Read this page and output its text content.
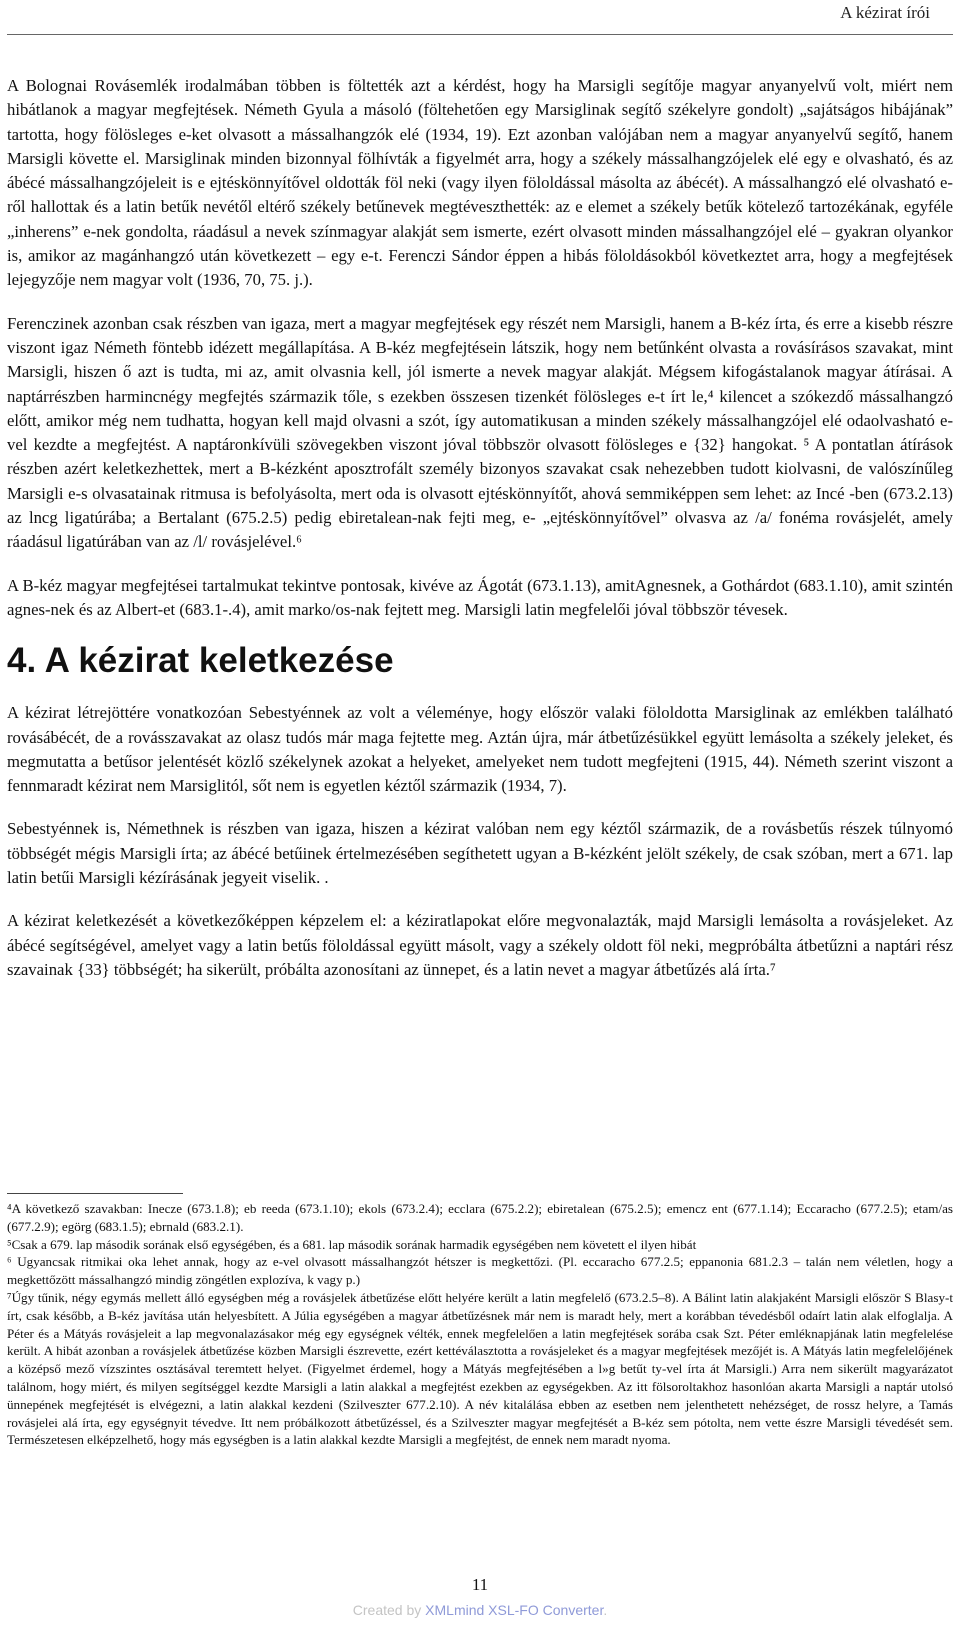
A kézirat írói

A Bolognai Rovásemlék irodalmában többen is föltették azt a kérdést, hogy ha Marsigli segítője magyar anyanyelvű volt, miért nem hibátlanok a magyar megfejtések. Németh Gyula a másoló (föltehetően egy Marsiglinak segítő székelyre gondolt) „sajátságos hibájának” tartotta, hogy fölösleges e-ket olvasott a mássalhangzók elé (1934, 19). Ezt azonban valójában nem a magyar anyanyelvű segítő, hanem Marsigli követte el. Marsiglinak minden bizonnyal fölhívták a figyelmét arra, hogy a székely mássalhangzójelek elé egy e olvasható, és az ábécé mássalhangzójeleit is e ejtéskönnyítővel oldották föl neki (vagy ilyen föloldással másolta az ábécét). A mássalhangzó elé olvasható e-ről hallottak és a latin betűk nevétől eltérő székely betűnevek megtéveszthették: az e elemet a székely betűk kötelező tartozékának, egyféle „inherens” e-nek gondolta, ráadásul a nevek színmagyar alakját sem ismerte, ezért olvasott minden mássalhangzójel elé – gyakran olyankor is, amikor az magánhangzó után következett – egy e-t. Ferenczi Sándor éppen a hibás föloldásokból következtet arra, hogy a megfejtések lejegyzője nem magyar volt (1936, 70, 75. j.).

Ferenczinek azonban csak részben van igaza, mert a magyar megfejtések egy részét nem Marsigli, hanem a B-kéz írta, és erre a kisebb részre viszont igaz Németh föntebb idézett megállapítása. A B-kéz megfejtésein látszik, hogy nem betűnként olvasta a rovásírásos szavakat, mint Marsigli, hiszen ő azt is tudta, mi az, amit olvasnia kell, jól ismerte a nevek magyar alakját. Mégsem kifogástalanok magyar átírásai. A naptárrészben harmincnégy megfejtés származik tőle, s ezekben összesen tizenkét fölösleges e-t írt le,⁴ kilencet a szókezdő mássalhangzó előtt, amikor még nem tudhatta, hogyan kell majd olvasni a szót, így automatikusan a minden székely mássalhangzójel elé odaolvasható e-vel kezdte a megfejtést. A naptáronkívüli szövegekben viszont jóval többször olvasott fölösleges e {32} hangokat. ⁵ A pontatlan átírások részben azért keletkezhettek, mert a B-kézként aposztrofált személy bizonyos szavakat csak nehezebben tudott kiolvasni, de valószínűleg Marsigli e-s olvasatainak ritmusa is befolyásolta, mert oda is olvasott ejtéskönnyítőt, ahová semmiképpen sem lehet: az Incé -ben (673.2.13) az lncg ligatúrába; a Bertalant (675.2.5) pedig ebiretalean-nak fejti meg, e- „ejtéskönnyítővel” olvasva az /a/ fonéma rovásjelét, amely ráadásul ligatúrában van az /l/ rovásjelével.⁶

A B-kéz magyar megfejtései tartalmukat tekintve pontosak, kivéve az Ágotát (673.1.13), amitAgnesnek, a Gothárdot (683.1.10), amit szintén agnes-nek és az Albert-et (683.1-.4), amit marko/os-nak fejtett meg. Marsigli latin megfelelői jóval többször tévesek.

4. A kézirat keletkezése

A kézirat létrejöttére vonatkozóan Sebestyénnek az volt a véleménye, hogy először valaki föloldotta Marsiglinak az emlékben található rovásábécét, de a rovásszavakat az olasz tudós már maga fejtette meg. Aztán újra, már átbetűzésükkel együtt lemásolta a székely jeleket, és megmutatta a betűsor jelentését közlő székelynek azokat a helyeket, amelyeket nem tudott megfejteni (1915, 44). Németh szerint viszont a fennmaradt kézirat nem Marsiglitól, sőt nem is egyetlen kéztől származik (1934, 7).

Sebestyénnek is, Némethnek is részben van igaza, hiszen a kézirat valóban nem egy kéztől származik, de a rovásbetűs részek túlnyomó többségét mégis Marsigli írta; az ábécé betűinek értelmezésében segíthetett ugyan a B-kézként jelölt székely, de csak szóban, mert a 671. lap latin betűi Marsigli kézírásának jegyeit viselik. .

A kézirat keletkezését a következőképpen képzelem el: a kéziratlapokat előre megvonalazták, majd Marsigli lemásolta a rovásjeleket. Az ábécé segítségével, amelyet vagy a latin betűs föloldással együtt másolt, vagy a székely oldott föl neki, megpróbálta átbetűzni a naptári rész szavainak {33} többségét; ha sikerült, próbálta azonosítani az ünnepet, és a latin nevet a magyar átbetűzés alá írta.⁷

⁴A következő szavakban: Inecze (673.1.8); eb reeda (673.1.10); ekols (673.2.4); ecclara (675.2.2); ebiretalean (675.2.5); emencz ent (677.1.14); Eccaracho (677.2.5); etam/as (677.2.9); egörg (683.1.5); ebrnald (683.2.1).

⁵Csak a 679. lap második sorának első egységében, és a 681. lap második sorának harmadik egységében nem követett el ilyen hibát

⁶ Ugyancsak ritmikai oka lehet annak, hogy az e-vel olvasott mássalhangzót hétszer is megkettőzi. (Pl. eccaracho 677.2.5; eppanonia 681.2.3 – talán nem véletlen, hogy a megkettőzött mássalhangzó mindig zöngétlen explozíva, k vagy p.)

⁷Úgy tűnik, négy egymás mellett álló egységben még a rovásjelek átbetűzése előtt helyére került a latin megfelelő (673.2.5–8). A Bálint latin alakjaként Marsigli először S Blasy-t írt, csak később, a B-kéz javítása után helyesbített. A Júlia egységében a magyar átbetűzésnek már nem is maradt hely, mert a korábban tévedésből odaírt latin alak elfoglalja. A Péter és a Mátyás rovásjeleit a lap megvonalazásakor még egy egységnek vélték, ennek megfelelően a latin megfejtések sorába csak Szt. Péter emléknapjának latin megfelelése került. A hibát azonban a rovásjelek átbetűzése közben Marsigli észrevette, ezért kettéválasztotta a rovásjeleket és a magyar megfejtések mezőjét is. A Mátyás latin megfelelőjének a középső mező vízszintes osztásával teremtett helyet. (Figyelmet érdemel, hogy a Mátyás megfejtésében a l»g betűt ty-vel írta át Marsigli.) Arra nem sikerült magyarázatot találnom, hogy miért, és milyen segítséggel kezdte Marsigli a latin alakkal a megfejtést ezekben az egységekben. Az itt fölsoroltakhoz hasonlóan akarta Marsigli a naptár utolsó ünnepének megfejtését is elvégezni, a latin alakkal kezdeni (Szilveszter 677.2.10). A név kitalálása ebben az esetben nem jelenthetett nehézséget, de rossz helyre, a Tamás rovásjelei alá írta, egy egységnyit tévedve. Itt nem próbálkozott átbetűzéssel, és a Szilveszter magyar megfejtését a B-kéz sem pótolta, nem vette észre Marsigli tévedését sem. Természetesen elképzelhető, hogy más egységben is a latin alakkal kezdte Marsigli a megfejtést, de ennek nem maradt nyoma.

11
Created by XMLmind XSL-FO Converter.
